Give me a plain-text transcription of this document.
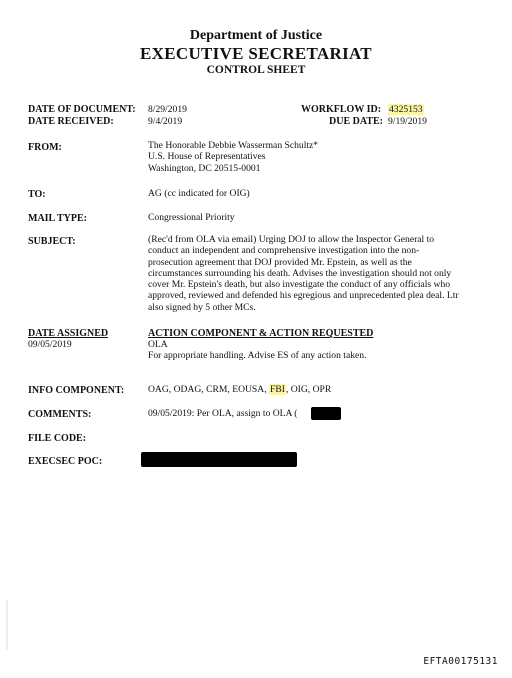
Department of Justice
EXECUTIVE SECRETARIAT
CONTROL SHEET
DATE OF DOCUMENT: 8/29/2019
DATE RECEIVED:	9/4/2019
WORKFLOW ID: 4325153
DUE DATE: 9/19/2019
FROM:	The Honorable Debbie Wasserman Schultz*
U.S. House of Representatives
Washington, DC 20515-0001
TO:	AG (cc indicated for OIG)
MAIL TYPE:	Congressional Priority
SUBJECT:	(Rec'd from OLA via email) Urging DOJ to allow the Inspector General to
conduct an independent and comprehensive investigation into the non-
prosecution agreement that DOJ provided Mr. Epstein, as well as the
circumstances surrounding his death. Advises the investigation should not only
cover Mr. Epstein's death, but also investigate the conduct of any officials who
approved, reviewed and defended his egregious and unprecedented plea deal. Ltr
also signed by 5 other MCs.
DATE ASSIGNED
09/05/2019
ACTION COMPONENT & ACTION REQUESTED
OLA
For appropriate handling. Advise ES of any action taken.
INFO COMPONENT: OAG, ODAG, CRM, EOUSA, FBI, OIG, OPR
COMMENTS:	09/05/2019: Per OLA, assign to OLA (
FILE CODE:
EXECSEC POC:
EFTA00175131
